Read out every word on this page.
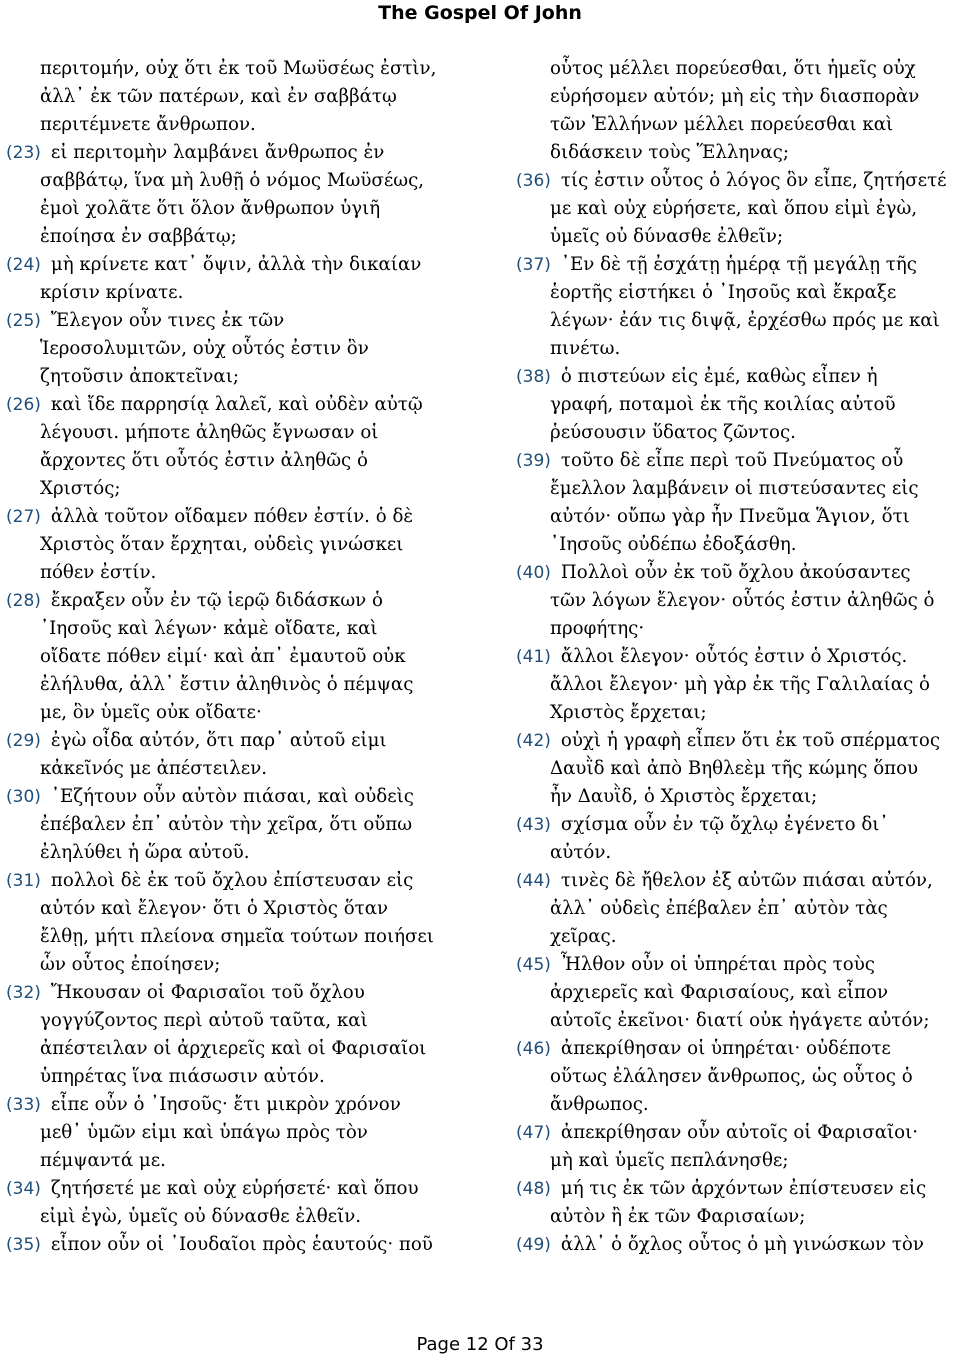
The Gospel Of John
περιτομήν, οὐχ ὅτι ἐκ τοῦ Μωϋσέως ἐστὶν,
ἀλλ᾽ ἐκ τῶν πατέρων, καὶ ἐν σαββάτῳ
περιτέμνετε ἄνθρωπον.
(23) εἰ περιτομὴν λαμβάνει ἄνθρωπος ἐν
σαββάτῳ, ἵνα μὴ λυθῇ ὁ νόμος Μωϋσέως,
ἐμοὶ χολᾶτε ὅτι ὅλον ἄνθρωπον ὑγιῆ
ἐποίησα ἐν σαββάτῳ;
(24) μὴ κρίνετε κατ᾽ ὄψιν, ἀλλὰ τὴν δικαίαν
κρίσιν κρίνατε.
(25) Ἔλεγον οὖν τινες ἐκ τῶν
Ἱεροσολυμιτῶν, οὐχ οὗτός ἐστιν ὃν
ζητοῦσιν ἀποκτεῖναι;
(26) καὶ ἴδε παρρησίᾳ λαλεῖ, καὶ οὐδὲν αὐτῷ
λέγουσι. μήποτε ἀληθῶς ἔγνωσαν οἱ
ἄρχοντες ὅτι οὗτός ἐστιν ἀληθῶς ὁ
Χριστός;
(27) ἀλλὰ τοῦτον οἴδαμεν πόθεν ἐστίν. ὁ δὲ
Χριστὸς ὅταν ἔρχηται, οὐδεὶς γινώσκει
πόθεν ἐστίν.
(28) ἔκραξεν οὖν ἐν τῷ ἱερῷ διδάσκων ὁ
᾽Ιησοῦς καὶ λέγων· κἀμὲ οἴδατε, καὶ
οἴδατε πόθεν εἰμί· καὶ ἀπ᾽ ἐμαυτοῦ οὐκ
ἐλήλυθα, ἀλλ᾽ ἔστιν ἀληθινὸς ὁ πέμψας
με, ὃν ὑμεῖς οὐκ οἴδατε·
(29) ἐγὼ οἶδα αὐτόν, ὅτι παρ᾽ αὐτοῦ εἰμι
κἀκεῖνός με ἀπέστειλεν.
(30) ᾽Εζήτουν οὖν αὐτὸν πιάσαι, καὶ οὐδεὶς
ἐπέβαλεν ἐπ᾽ αὐτὸν τὴν χεῖρα, ὅτι οὔπω
ἐληλύθει ἡ ὥρα αὐτοῦ.
(31) πολλοὶ δὲ ἐκ τοῦ ὄχλου ἐπίστευσαν εἰς
αὐτόν καὶ ἔλεγον· ὅτι ὁ Χριστὸς ὅταν
ἔλθῃ, μήτι πλείονα σημεῖα τούτων ποιήσει
ὧν οὗτος ἐποίησεν;
(32) Ἤκουσαν οἱ Φαρισαῖοι τοῦ ὄχλου
γογγύζοντος περὶ αὐτοῦ ταῦτα, καὶ
ἀπέστειλαν οἱ ἀρχιερεῖς καὶ οἱ Φαρισαῖοι
ὑπηρέτας ἵνα πιάσωσιν αὐτόν.
(33) εἶπε οὖν ὁ ᾽Ιησοῦς· ἔτι μικρὸν χρόνον
μεθ᾽ ὑμῶν εἰμι καὶ ὑπάγω πρὸς τὸν
πέμψαντά με.
(34) ζητήσετέ με καὶ οὐχ εὑρήσετέ· καὶ ὅπου
εἰμὶ ἐγὼ, ὑμεῖς οὐ δύνασθε ἐλθεῖν.
(35) εἶπον οὖν οἱ ᾽Ιουδαῖοι πρὸς ἑαυτούς· ποῦ
οὗτος μέλλει πορεύεσθαι, ὅτι ἡμεῖς οὐχ
εὑρήσομεν αὐτόν; μὴ εἰς τὴν διασπορὰν
τῶν Ἑλλήνων μέλλει πορεύεσθαι καὶ
διδάσκειν τοὺς Ἕλληνας;
(36) τίς ἐστιν οὗτος ὁ λόγος ὃν εἶπε, ζητήσετέ
με καὶ οὐχ εὑρήσετε, καὶ ὅπου εἰμὶ ἐγὼ,
ὑμεῖς οὐ δύνασθε ἐλθεῖν;
(37) ᾽Εν δὲ τῇ ἐσχάτῃ ἡμέρᾳ τῇ μεγάλῃ τῆς
ἑορτῆς εἱστήκει ὁ ᾽Ιησοῦς καὶ ἔκραξε
λέγων· ἐάν τις διψᾷ, ἐρχέσθω πρός με καὶ
πινέτω.
(38) ὁ πιστεύων εἰς ἐμέ, καθὼς εἶπεν ἡ
γραφή, ποταμοὶ ἐκ τῆς κοιλίας αὐτοῦ
ῥεύσουσιν ὕδατος ζῶντος.
(39) τοῦτο δὲ εἶπε περὶ τοῦ Πνεύματος οὗ
ἔμελλον λαμβάνειν οἱ πιστεύσαντες εἰς
αὐτόν· οὔπω γὰρ ἦν Πνεῦμα Ἅγιον, ὅτι
᾽Ιησοῦς οὐδέπω ἐδοξάσθη.
(40) Πολλοὶ οὖν ἐκ τοῦ ὄχλου ἀκούσαντες
τῶν λόγων ἔλεγον· οὗτός ἐστιν ἀληθῶς ὁ
προφήτης·
(41) ἄλλοι ἔλεγον· οὗτός ἐστιν ὁ Χριστός.
ἄλλοι ἔλεγον· μὴ γὰρ ἐκ τῆς Γαλιλαίας ὁ
Χριστὸς ἔρχεται;
(42) οὐχὶ ἡ γραφὴ εἶπεν ὅτι ἐκ τοῦ σπέρματος
Δαυῒδ καὶ ἀπὸ Βηθλεὲμ τῆς κώμης ὅπου
ἦν Δαυῒδ, ὁ Χριστὸς ἔρχεται;
(43) σχίσμα οὖν ἐν τῷ ὄχλῳ ἐγένετο δι᾽
αὐτόν.
(44) τινὲς δὲ ἤθελον ἐξ αὐτῶν πιάσαι αὐτόν,
ἀλλ᾽ οὐδεὶς ἐπέβαλεν ἐπ᾽ αὐτὸν τὰς
χεῖρας.
(45) Ἦλθον οὖν οἱ ὑπηρέται πρὸς τοὺς
ἀρχιερεῖς καὶ Φαρισαίους, καὶ εἶπον
αὐτοῖς ἐκεῖνοι· διατί οὐκ ἠγάγετε αὐτόν;
(46) ἀπεκρίθησαν οἱ ὑπηρέται· οὐδέποτε
οὕτως ἐλάλησεν ἄνθρωπος, ὡς οὗτος ὁ
ἄνθρωπος.
(47) ἀπεκρίθησαν οὖν αὐτοῖς οἱ Φαρισαῖοι·
μὴ καὶ ὑμεῖς πεπλάνησθε;
(48) μή τις ἐκ τῶν ἀρχόντων ἐπίστευσεν εἰς
αὐτὸν ἢ ἐκ τῶν Φαρισαίων;
(49) ἀλλ᾽ ὁ ὄχλος οὗτος ὁ μὴ γινώσκων τὸν
Page 12 Of 33
